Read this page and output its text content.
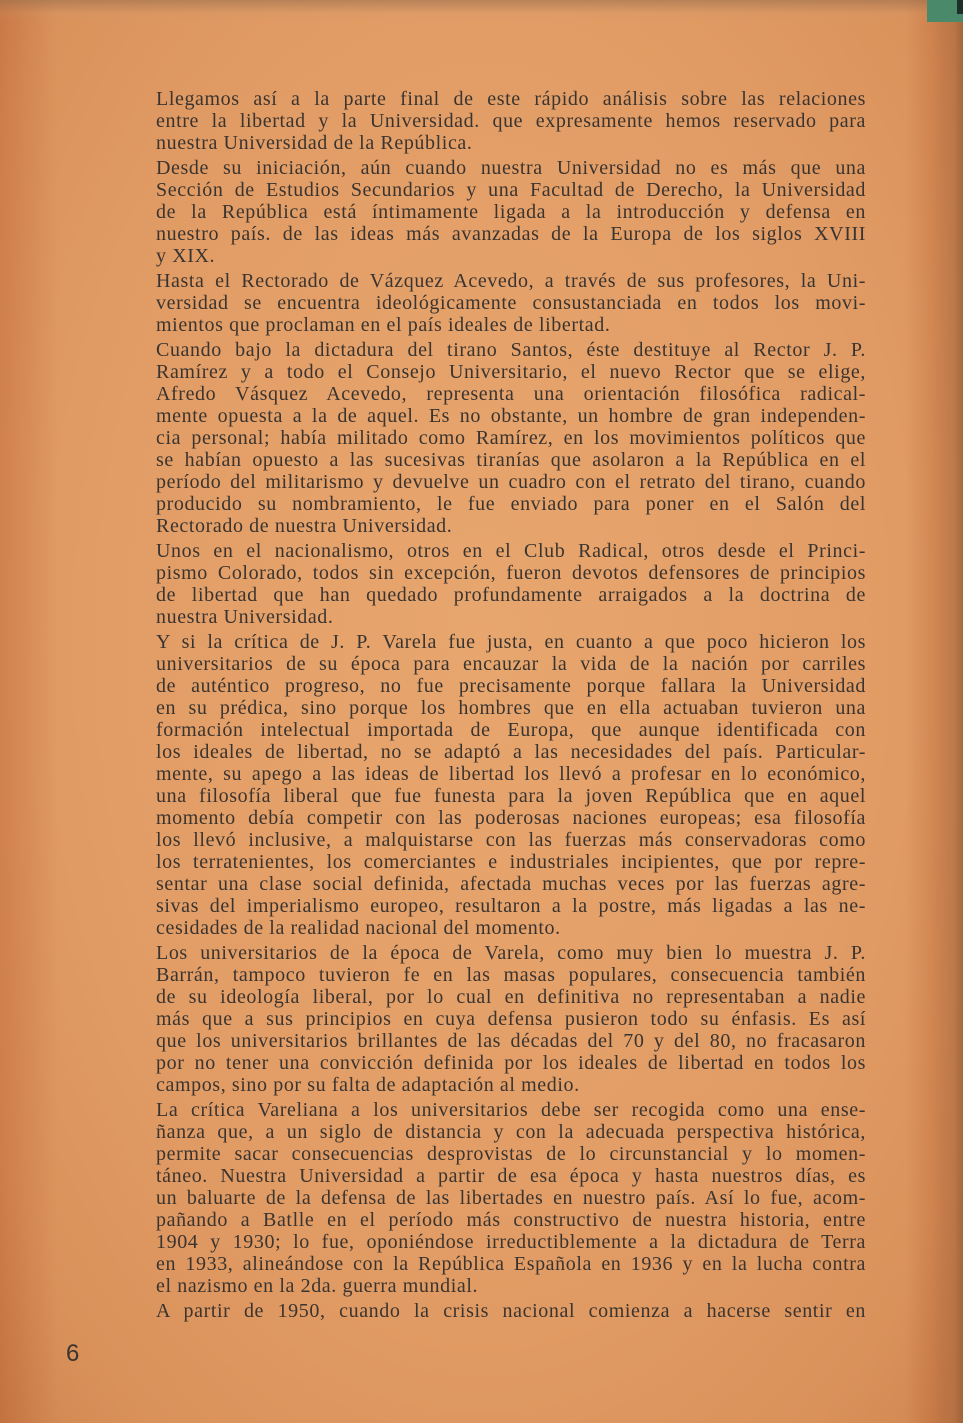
Llegamos así a la parte final de este rápido análisis sobre las relaciones
entre la libertad y la Universidad. que expresamente hemos reservado para
nuestra Universidad de la República.
Desde su iniciación, aún cuando nuestra Universidad no es más que una
Sección de Estudios Secundarios y una Facultad de Derecho, la Universidad
de la República está íntimamente ligada a la introducción y defensa en
nuestro país. de las ideas más avanzadas de la Europa de los siglos XVIII
y XIX.
Hasta el Rectorado de Vázquez Acevedo, a través de sus profesores, la Uni-
versidad se encuentra ideológicamente consustanciada en todos los movi-
mientos que proclaman en el país ideales de libertad.
Cuando bajo la dictadura del tirano Santos, éste destituye al Rector J. P.
Ramírez y a todo el Consejo Universitario, el nuevo Rector que se elige,
Afredo Vásquez Acevedo, representa una orientación filosófica radical-
mente opuesta a la de aquel. Es no obstante, un hombre de gran independen-
cia personal; había militado como Ramírez, en los movimientos políticos que
se habían opuesto a las sucesivas tiranías que asolaron a la República en el
período del militarismo y devuelve un cuadro con el retrato del tirano, cuando
producido su nombramiento, le fue enviado para poner en el Salón del
Rectorado de nuestra Universidad.
Unos en el nacionalismo, otros en el Club Radical, otros desde el Princi-
pismo Colorado, todos sin excepción, fueron devotos defensores de principios
de libertad que han quedado profundamente arraigados a la doctrina de
nuestra Universidad.
Y si la crítica de J. P. Varela fue justa, en cuanto a que poco hicieron los
universitarios de su época para encauzar la vida de la nación por carriles
de auténtico progreso, no fue precisamente porque fallara la Universidad
en su prédica, sino porque los hombres que en ella actuaban tuvieron una
formación intelectual importada de Europa, que aunque identificada con
los ideales de libertad, no se adaptó a las necesidades del país. Particular-
mente, su apego a las ideas de libertad los llevó a profesar en lo económico,
una filosofía liberal que fue funesta para la joven República que en aquel
momento debía competir con las poderosas naciones europeas; esa filosofía
los llevó inclusive, a malquistarse con las fuerzas más conservadoras como
los terratenientes, los comerciantes e industriales incipientes, que por repre-
sentar una clase social definida, afectada muchas veces por las fuerzas agre-
sivas del imperialismo europeo, resultaron a la postre, más ligadas a las ne-
cesidades de la realidad nacional del momento.
Los universitarios de la época de Varela, como muy bien lo muestra J. P.
Barrán, tampoco tuvieron fe en las masas populares, consecuencia también
de su ideología liberal, por lo cual en definitiva no representaban a nadie
más que a sus principios en cuya defensa pusieron todo su énfasis. Es así
que los universitarios brillantes de las décadas del 70 y del 80, no fracasaron
por no tener una convicción definida por los ideales de libertad en todos los
campos, sino por su falta de adaptación al medio.
La crítica Vareliana a los universitarios debe ser recogida como una ense-
ñanza que, a un siglo de distancia y con la adecuada perspectiva histórica,
permite sacar consecuencias desprovistas de lo circunstancial y lo momen-
táneo. Nuestra Universidad a partir de esa época y hasta nuestros días, es
un baluarte de la defensa de las libertades en nuestro país. Así lo fue, acom-
pañando a Batlle en el período más constructivo de nuestra historia, entre
1904 y 1930; lo fue, oponiéndose irreductiblemente a la dictadura de Terra
en 1933, alineándose con la República Española en 1936 y en la lucha contra
el nazismo en la 2da. guerra mundial.
A partir de 1950, cuando la crisis nacional comienza a hacerse sentir en
6
